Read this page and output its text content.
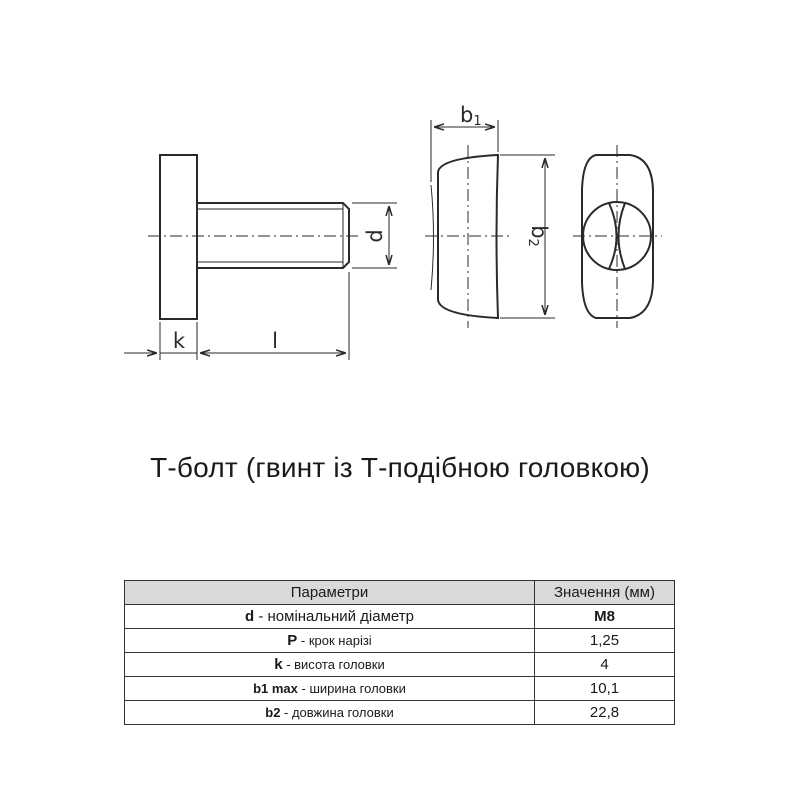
d
k	l
b1
b2
Т-болт (гвинт із Т-подібною головкою)
Параметри	Значення (мм)
d - номінальний діаметр	M8
P - крок нарізі	1,25
k - висота головки	4
b1 max - ширина головки	10,1
b2 - довжина головки	22,8
